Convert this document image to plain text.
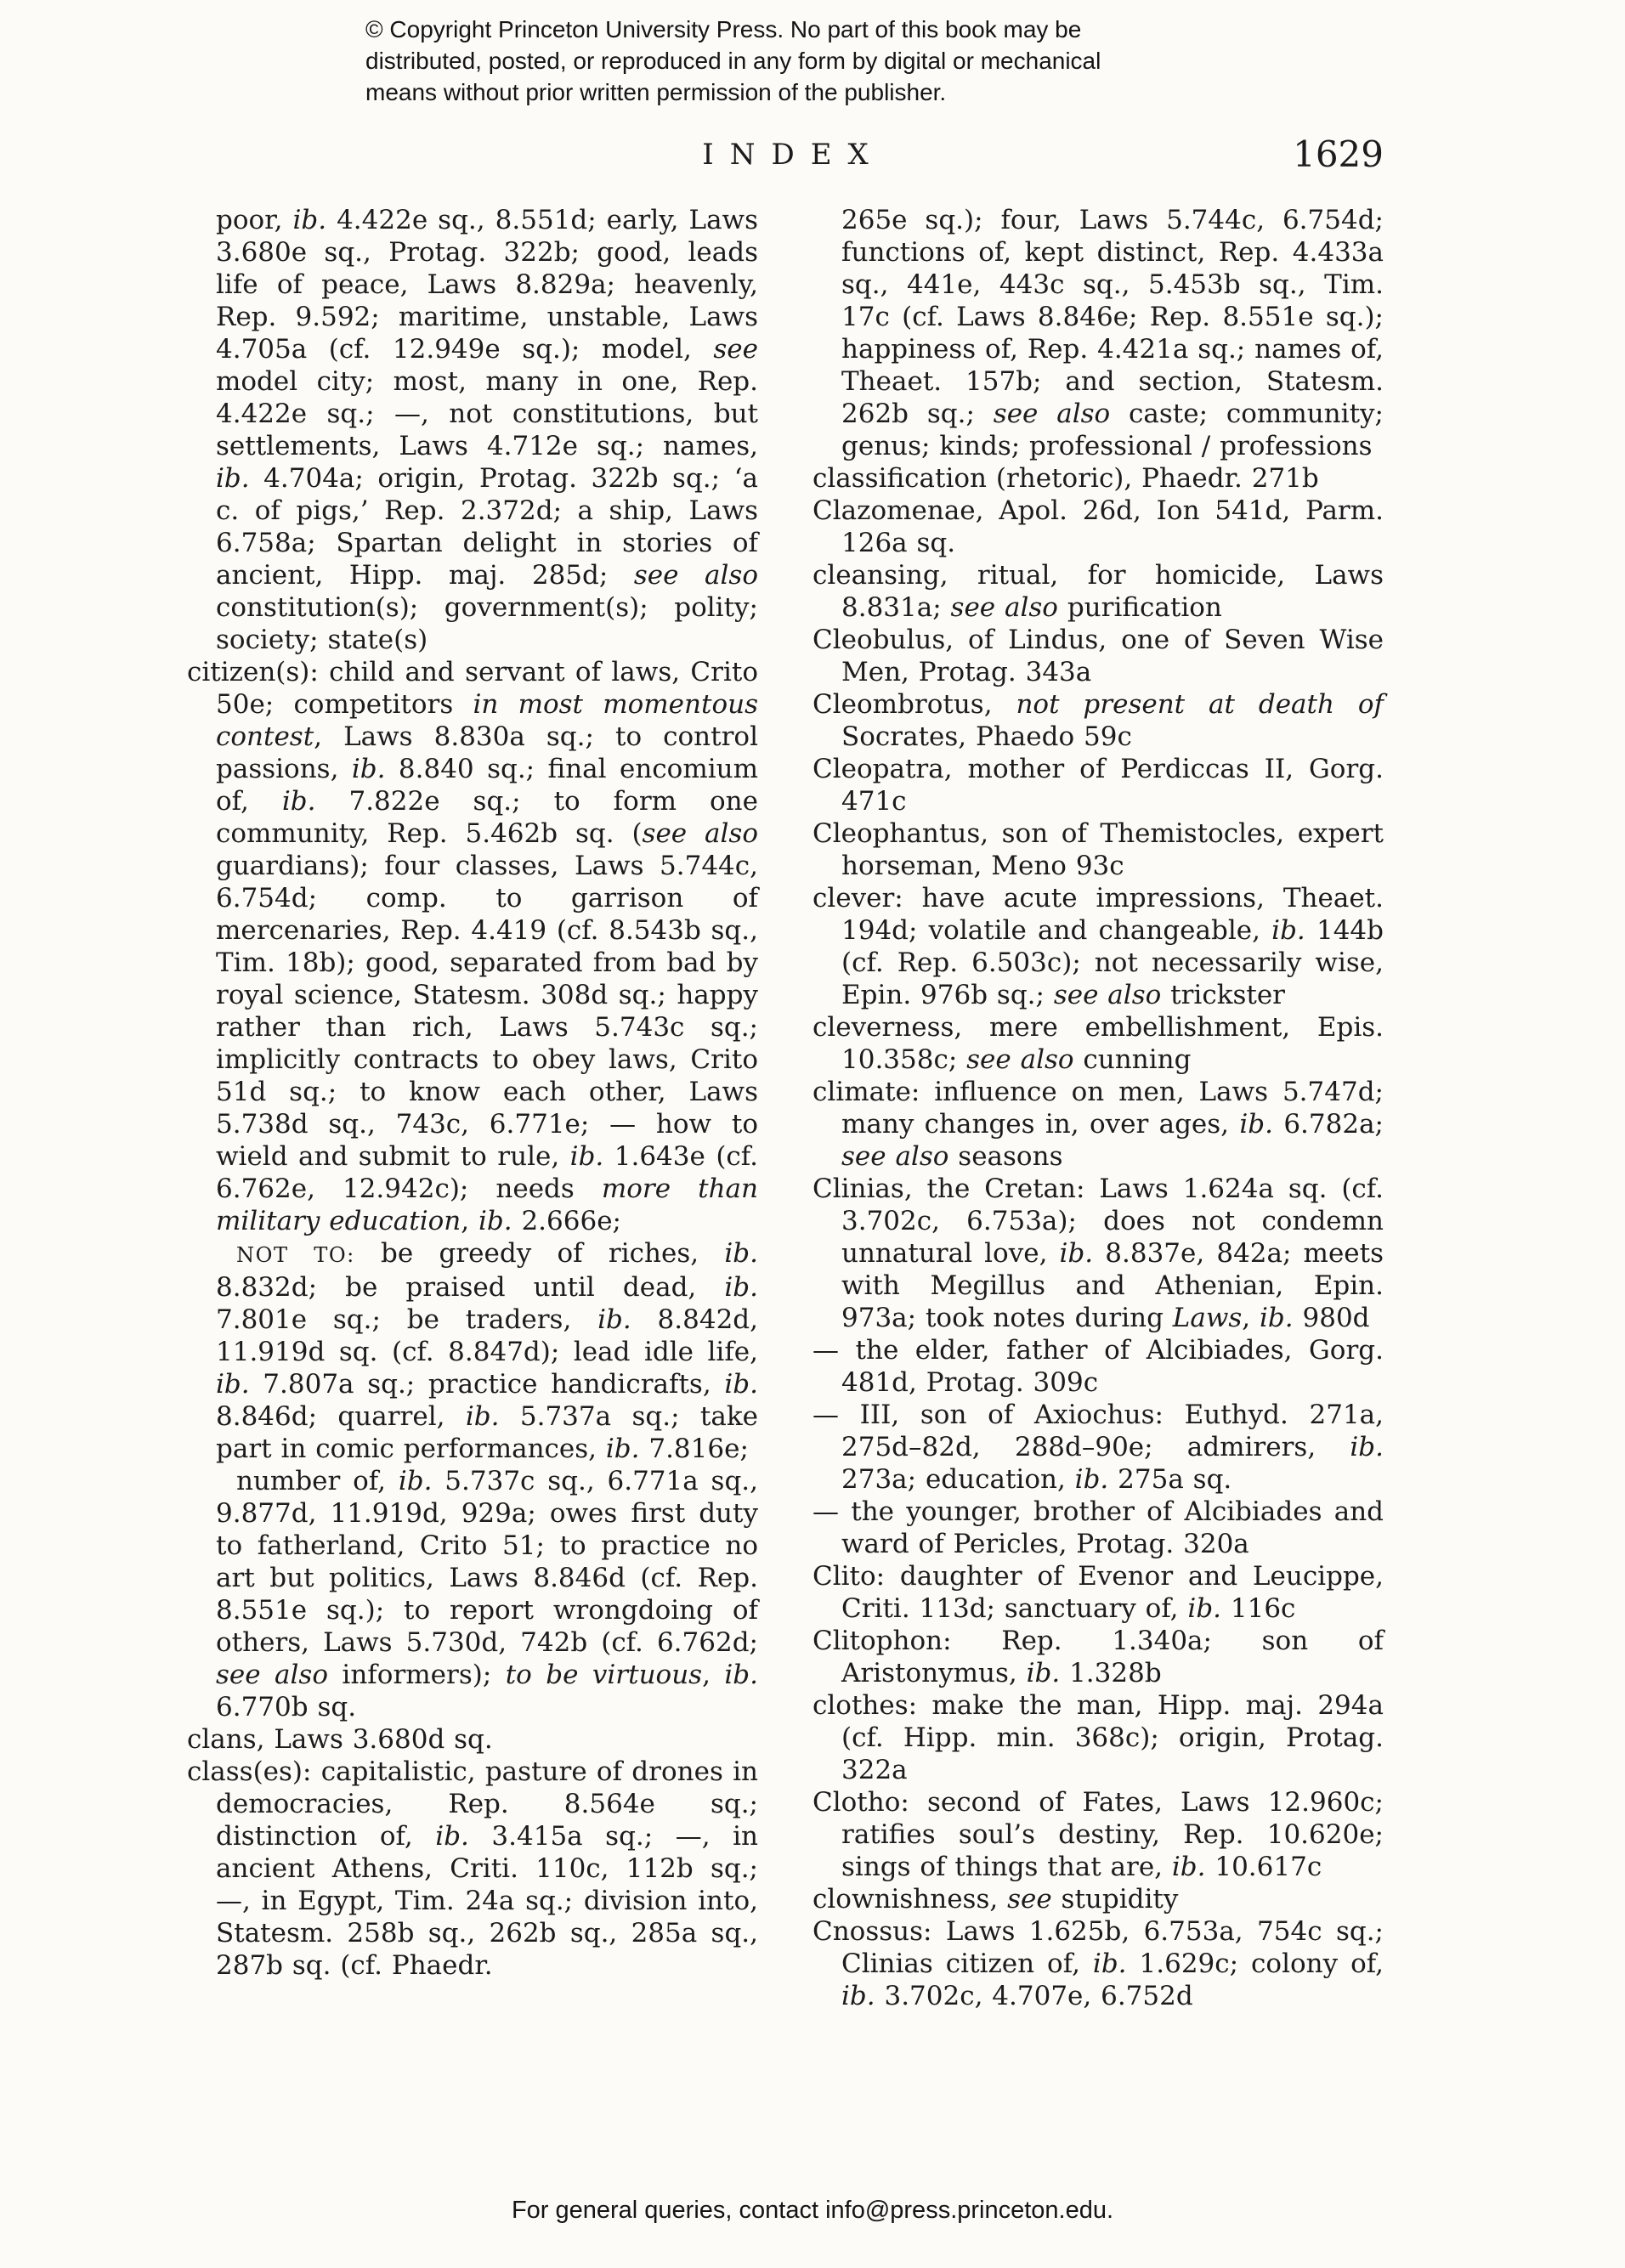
© Copyright Princeton University Press. No part of this book may be
distributed, posted, or reproduced in any form by digital or mechanical
means without prior written permission of the publisher.
INDEX	1629

poor, ib. 4.422e sq., 8.551d; early, Laws 3.680e sq., Protag. 322b; good, leads life of peace, Laws 8.829a; heavenly, Rep. 9.592; maritime, unstable, Laws 4.705a (cf. 12.949e sq.); model, see model city; most, many in one, Rep. 4.422e sq.; —, not constitutions, but settlements, Laws 4.712e sq.; names, ib. 4.704a; origin, Protag. 322b sq.; ‘a c. of pigs,’ Rep. 2.372d; a ship, Laws 6.758a; Spartan delight in stories of ancient, Hipp. maj. 285d; see also constitution(s); government(s); polity; society; state(s)

citizen(s): child and servant of laws, Crito 50e; competitors in most momentous contest, Laws 8.830a sq.; to control passions, ib. 8.840 sq.; final encomium of, ib. 7.822e sq.; to form one community, Rep. 5.462b sq. (see also guardians); four classes, Laws 5.744c, 6.754d; comp. to garrison of mercenaries, Rep. 4.419 (cf. 8.543b sq., Tim. 18b); good, separated from bad by royal science, Statesm. 308d sq.; happy rather than rich, Laws 5.743c sq.; implicitly contracts to obey laws, Crito 51d sq.; to know each other, Laws 5.738d sq., 743c, 6.771e; — how to wield and submit to rule, ib. 1.643e (cf. 6.762e, 12.942c); needs more than military education, ib. 2.666e;

NOT TO: be greedy of riches, ib. 8.832d; be praised until dead, ib. 7.801e sq.; be traders, ib. 8.842d, 11.919d sq. (cf. 8.847d); lead idle life, ib. 7.807a sq.; practice handicrafts, ib. 8.846d; quarrel, ib. 5.737a sq.; take part in comic performances, ib. 7.816e;

number of, ib. 5.737c sq., 6.771a sq., 9.877d, 11.919d, 929a; owes first duty to fatherland, Crito 51; to practice no art but politics, Laws 8.846d (cf. Rep. 8.551e sq.); to report wrongdoing of others, Laws 5.730d, 742b (cf. 6.762d; see also informers); to be virtuous, ib. 6.770b sq.

clans, Laws 3.680d sq.

class(es): capitalistic, pasture of drones in democracies, Rep. 8.564e sq.; distinction of, ib. 3.415a sq.; —, in ancient Athens, Criti. 110c, 112b sq.; —, in Egypt, Tim. 24a sq.; division into, Statesm. 258b sq., 262b sq., 285a sq., 287b sq. (cf. Phaedr.

265e sq.); four, Laws 5.744c, 6.754d; functions of, kept distinct, Rep. 4.433a sq., 441e, 443c sq., 5.453b sq., Tim. 17c (cf. Laws 8.846e; Rep. 8.551e sq.); happiness of, Rep. 4.421a sq.; names of, Theaet. 157b; and section, Statesm. 262b sq.; see also caste; community; genus; kinds; professional / professions

classification (rhetoric), Phaedr. 271b

Clazomenae, Apol. 26d, Ion 541d, Parm. 126a sq.

cleansing, ritual, for homicide, Laws 8.831a; see also purification

Cleobulus, of Lindus, one of Seven Wise Men, Protag. 343a

Cleombrotus, not present at death of Socrates, Phaedo 59c

Cleopatra, mother of Perdiccas II, Gorg. 471c

Cleophantus, son of Themistocles, expert horseman, Meno 93c

clever: have acute impressions, Theaet. 194d; volatile and changeable, ib. 144b (cf. Rep. 6.503c); not necessarily wise, Epin. 976b sq.; see also trickster

cleverness, mere embellishment, Epis. 10.358c; see also cunning

climate: influence on men, Laws 5.747d; many changes in, over ages, ib. 6.782a; see also seasons

Clinias, the Cretan: Laws 1.624a sq. (cf. 3.702c, 6.753a); does not condemn unnatural love, ib. 8.837e, 842a; meets with Megillus and Athenian, Epin. 973a; took notes during Laws, ib. 980d

— the elder, father of Alcibiades, Gorg. 481d, Protag. 309c

— III, son of Axiochus: Euthyd. 271a, 275d–82d, 288d–90e; admirers, ib. 273a; education, ib. 275a sq.

— the younger, brother of Alcibiades and ward of Pericles, Protag. 320a

Clito: daughter of Evenor and Leucippe, Criti. 113d; sanctuary of, ib. 116c

Clitophon: Rep. 1.340a; son of Aristonymus, ib. 1.328b

clothes: make the man, Hipp. maj. 294a (cf. Hipp. min. 368c); origin, Protag. 322a

Clotho: second of Fates, Laws 12.960c; ratifies soul’s destiny, Rep. 10.620e; sings of things that are, ib. 10.617c

clownishness, see stupidity

Cnossus: Laws 1.625b, 6.753a, 754c sq.; Clinias citizen of, ib. 1.629c; colony of, ib. 3.702c, 4.707e, 6.752d

For general queries, contact info@press.princeton.edu.
